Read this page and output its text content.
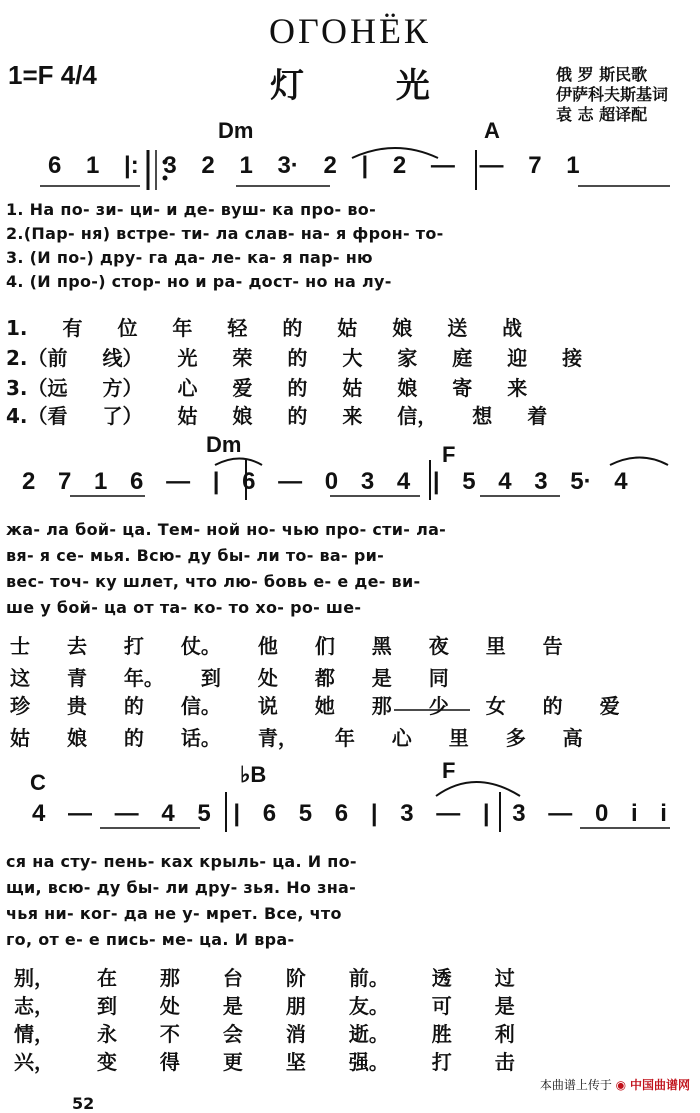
ОГОНЁК
灯 光
1=F 4/4	俄 罗 斯民歌
伊萨科夫斯基词
袁 志 超译配
Dm	A
6 1 |: 3 2 1 3· 2 | 2 — — 7 1
1. На по- зи- ци- и де- вуш- ка про- во-
2.(Пар- ня) встре- ти- ла слав- на- я фрон- то-
3. (И по-) дру- га да- ле- ка- я пар- ню
4. (И про-) стор- но и ра- дост- но на лу-
1. 有 位 年 轻 的 姑 娘 送 战
2.（前 线） 光 荣 的 大 家 庭 迎 接
3.（远 方） 心 爱 的 姑 娘 寄 来
4.（看 了） 姑 娘 的 来 信， 想 着
Dm	F
2 7 1 6 — | 6 — 0 3 4 | 5 4 3 5· 4
жа- ла бой- ца. Тем- ной но- чью про- сти- ла-
вя- я се- мья. Всю- ду бы- ли то- ва- ри-
вес- точ- ку шлет, что лю- бовь е- е де- ви-
ше у бой- ца от та- ко- то хо- ро- ше-
士 去 打 仗。 他 们 黑 夜 里 告
这 青 年。 到 处 都 是 同
珍 贵 的 信。 说 她 那 少 女 的 爱
姑 娘 的 话。 青， 年 心 里 多 高
C	♭B	F
4 — — 4 5 | 6 5 6 | 3 — | 3 — 0 i i
ся на сту- пень- ках крыль- ца. И по-
щи, всю- ду бы- ли дру- зья. Но зна-
чья ни- ког- да не у- мрет. Все, что
го, от е- е пись- ме- ца. И вра-
别， 在 那 台 阶 前。 透 过
志， 到 处 是 朋 友。 可 是
情， 永 不 会 消 逝。 胜 利
兴， 变 得 更 坚 强。 打 击
本曲谱上传于 ◉ 中国曲谱网
52
